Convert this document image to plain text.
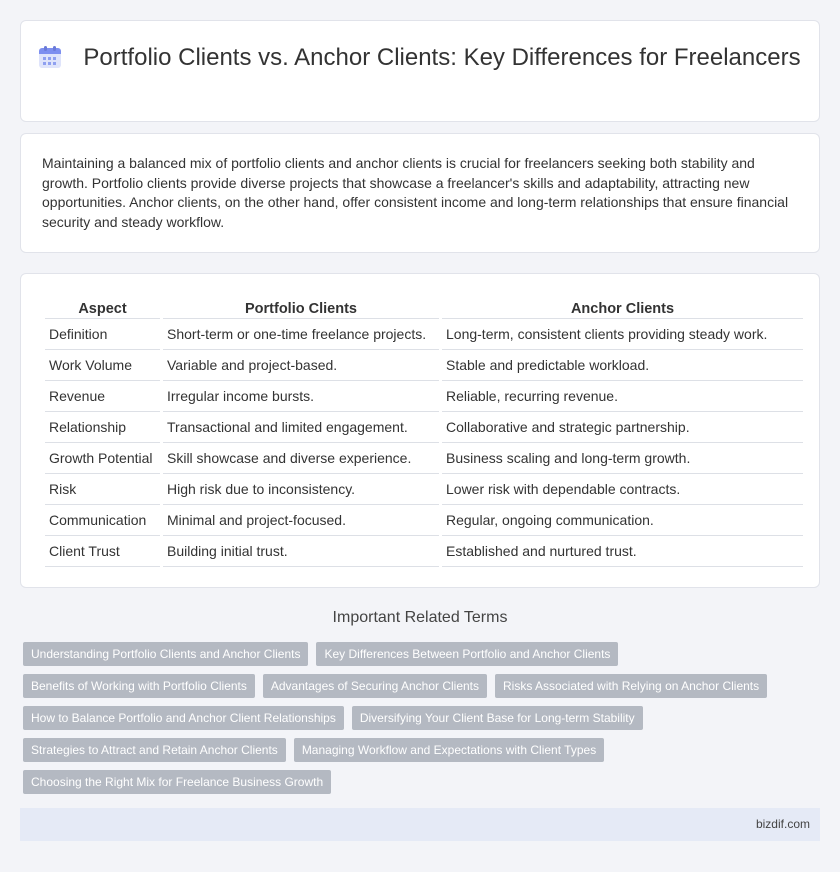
Portfolio Clients vs. Anchor Clients: Key Differences for Freelancers

Maintaining a balanced mix of portfolio clients and anchor clients is crucial for freelancers seeking both stability and growth. Portfolio clients provide diverse projects that showcase a freelancer's skills and adaptability, attracting new opportunities. Anchor clients, on the other hand, offer consistent income and long-term relationships that ensure financial security and steady workflow.

Aspect	Portfolio Clients	Anchor Clients
Definition	Short-term or one-time freelance projects.	Long-term, consistent clients providing steady work.
Work Volume	Variable and project-based.	Stable and predictable workload.
Revenue	Irregular income bursts.	Reliable, recurring revenue.
Relationship	Transactional and limited engagement.	Collaborative and strategic partnership.
Growth Potential	Skill showcase and diverse experience.	Business scaling and long-term growth.
Risk	High risk due to inconsistency.	Lower risk with dependable contracts.
Communication	Minimal and project-focused.	Regular, ongoing communication.
Client Trust	Building initial trust.	Established and nurtured trust.
Important Related Terms
Understanding Portfolio Clients and Anchor Clients	Key Differences Between Portfolio and Anchor Clients
Benefits of Working with Portfolio Clients	Advantages of Securing Anchor Clients	Risks Associated with Relying on Anchor Clients
How to Balance Portfolio and Anchor Client Relationships	Diversifying Your Client Base for Long-term Stability
Strategies to Attract and Retain Anchor Clients	Managing Workflow and Expectations with Client Types
Choosing the Right Mix for Freelance Business Growth
bizdif.com
